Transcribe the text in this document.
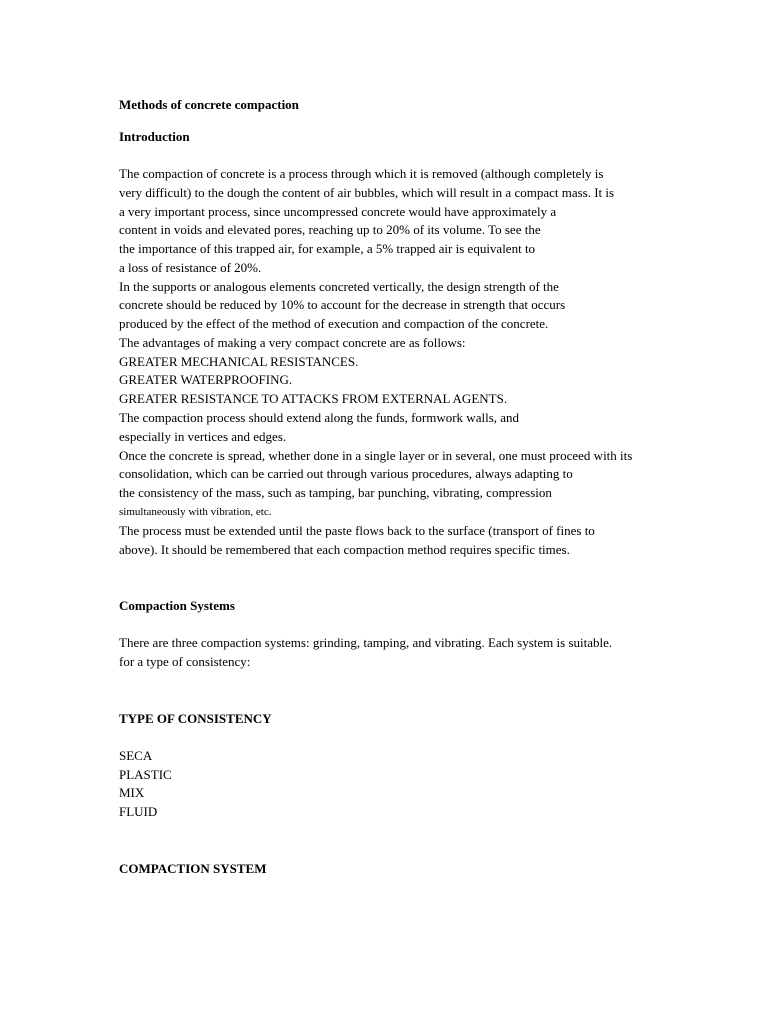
Methods of concrete compaction
Introduction
The compaction of concrete is a process through which it is removed (although completely is
very difficult) to the dough the content of air bubbles, which will result in a compact mass. It is
a very important process, since uncompressed concrete would have approximately a
content in voids and elevated pores, reaching up to 20% of its volume. To see the
the importance of this trapped air, for example, a 5% trapped air is equivalent to
a loss of resistance of 20%.
In the supports or analogous elements concreted vertically, the design strength of the
concrete should be reduced by 10% to account for the decrease in strength that occurs
produced by the effect of the method of execution and compaction of the concrete.
The advantages of making a very compact concrete are as follows:
GREATER MECHANICAL RESISTANCES.
GREATER WATERPROOFING.
GREATER RESISTANCE TO ATTACKS FROM EXTERNAL AGENTS.
The compaction process should extend along the funds, formwork walls, and
especially in vertices and edges.
Once the concrete is spread, whether done in a single layer or in several, one must proceed with its
consolidation, which can be carried out through various procedures, always adapting to
the consistency of the mass, such as tamping, bar punching, vibrating, compression
simultaneously with vibration, etc.
The process must be extended until the paste flows back to the surface (transport of fines to
above). It should be remembered that each compaction method requires specific times.
Compaction Systems
There are three compaction systems: grinding, tamping, and vibrating. Each system is suitable.
for a type of consistency:
TYPE OF CONSISTENCY
SECA
PLASTIC
MIX
FLUID
COMPACTION SYSTEM
